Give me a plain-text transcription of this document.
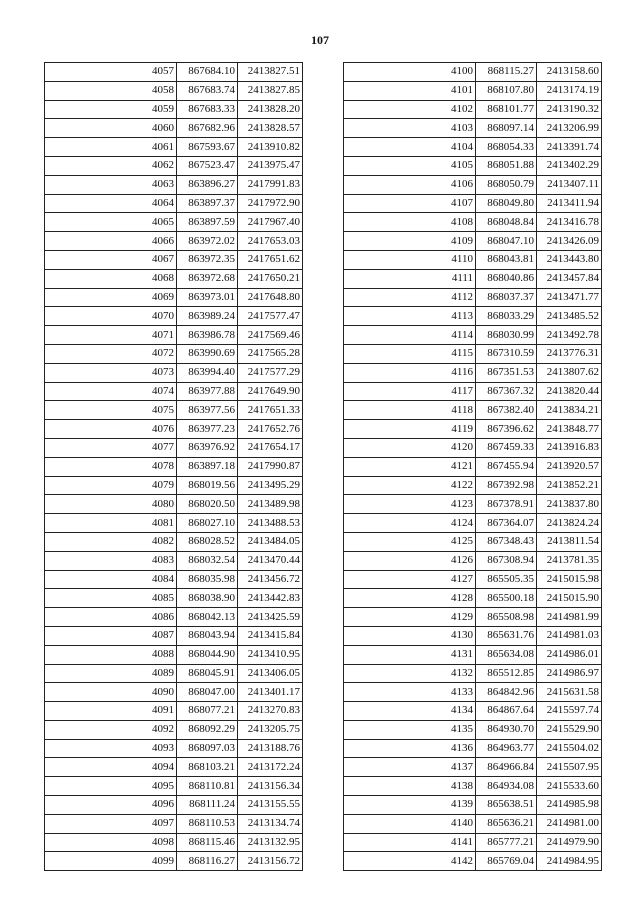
107
4057	867684.10	2413827.51
4058	867683.74	2413827.85
4059	867683.33	2413828.20
4060	867682.96	2413828.57
4061	867593.67	2413910.82
4062	867523.47	2413975.47
4063	863896.27	2417991.83
4064	863897.37	2417972.90
4065	863897.59	2417967.40
4066	863972.02	2417653.03
4067	863972.35	2417651.62
4068	863972.68	2417650.21
4069	863973.01	2417648.80
4070	863989.24	2417577.47
4071	863986.78	2417569.46
4072	863990.69	2417565.28
4073	863994.40	2417577.29
4074	863977.88	2417649.90
4075	863977.56	2417651.33
4076	863977.23	2417652.76
4077	863976.92	2417654.17
4078	863897.18	2417990.87
4079	868019.56	2413495.29
4080	868020.50	2413489.98
4081	868027.10	2413488.53
4082	868028.52	2413484.05
4083	868032.54	2413470.44
4084	868035.98	2413456.72
4085	868038.90	2413442.83
4086	868042.13	2413425.59
4087	868043.94	2413415.84
4088	868044.90	2413410.95
4089	868045.91	2413406.05
4090	868047.00	2413401.17
4091	868077.21	2413270.83
4092	868092.29	2413205.75
4093	868097.03	2413188.76
4094	868103.21	2413172.24
4095	868110.81	2413156.34
4096	868111.24	2413155.55
4097	868110.53	2413134.74
4098	868115.46	2413132.95
4099	868116.27	2413156.72
4100	868115.27	2413158.60
4101	868107.80	2413174.19
4102	868101.77	2413190.32
4103	868097.14	2413206.99
4104	868054.33	2413391.74
4105	868051.88	2413402.29
4106	868050.79	2413407.11
4107	868049.80	2413411.94
4108	868048.84	2413416.78
4109	868047.10	2413426.09
4110	868043.81	2413443.80
4111	868040.86	2413457.84
4112	868037.37	2413471.77
4113	868033.29	2413485.52
4114	868030.99	2413492.78
4115	867310.59	2413776.31
4116	867351.53	2413807.62
4117	867367.32	2413820.44
4118	867382.40	2413834.21
4119	867396.62	2413848.77
4120	867459.33	2413916.83
4121	867455.94	2413920.57
4122	867392.98	2413852.21
4123	867378.91	2413837.80
4124	867364.07	2413824.24
4125	867348.43	2413811.54
4126	867308.94	2413781.35
4127	865505.35	2415015.98
4128	865500.18	2415015.90
4129	865508.98	2414981.99
4130	865631.76	2414981.03
4131	865634.08	2414986.01
4132	865512.85	2414986.97
4133	864842.96	2415631.58
4134	864867.64	2415597.74
4135	864930.70	2415529.90
4136	864963.77	2415504.02
4137	864966.84	2415507.95
4138	864934.08	2415533.60
4139	865638.51	2414985.98
4140	865636.21	2414981.00
4141	865777.21	2414979.90
4142	865769.04	2414984.95
